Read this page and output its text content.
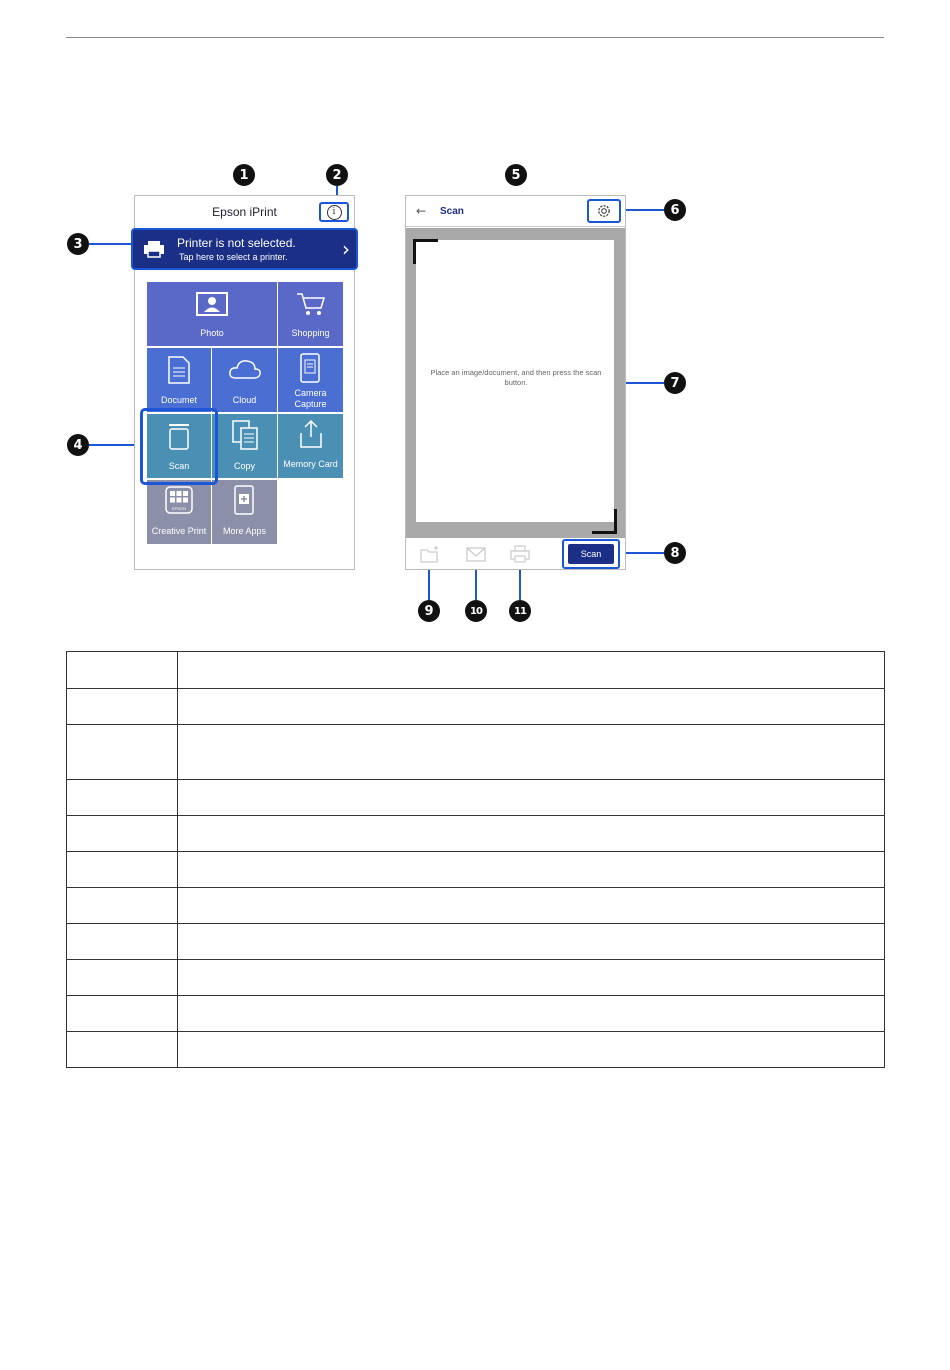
1	2
3
4
5
6
7
8
9	10	11
Epson iPrint	i
Printer is not selected.
Tap here to select a printer.	›
Photo	Shopping
Documet	Cloud
Camera
Capture
Scan	Copy	Memory Card
EPSON
Creative Print	More Apps
← Scan
Place an image/document, and then press the scan button.
Scan
